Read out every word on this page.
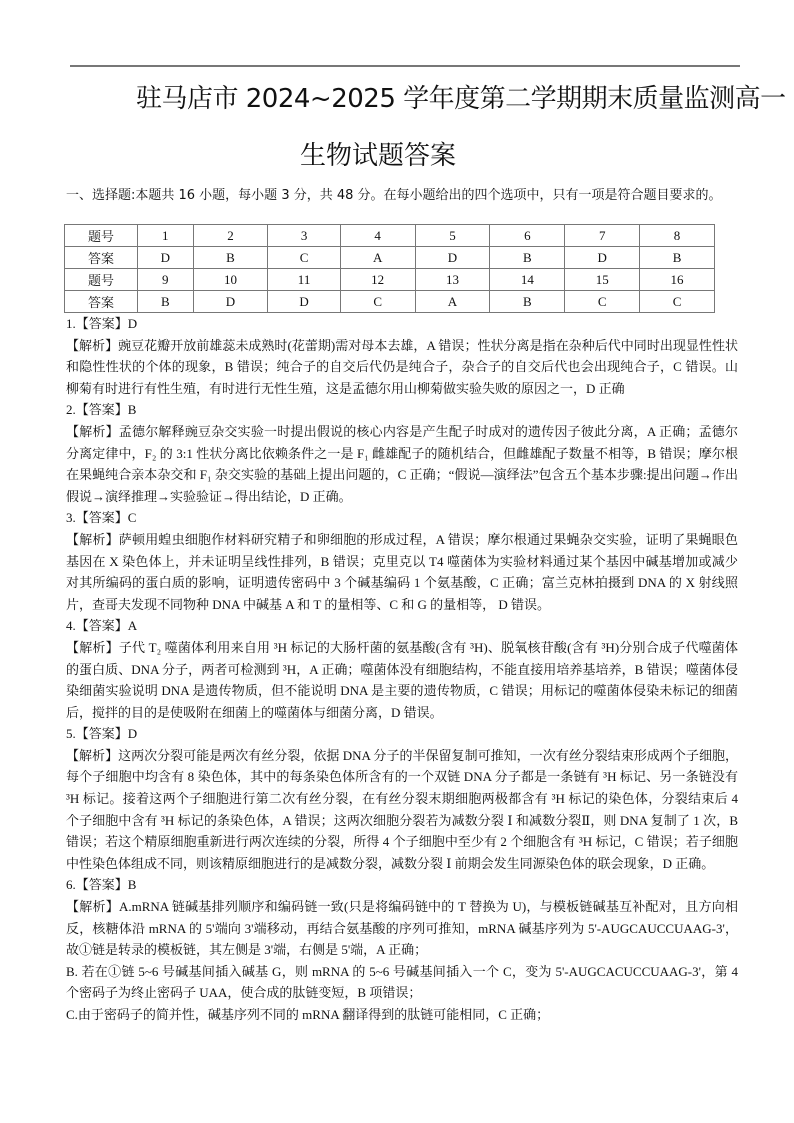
驻马店市 2024~2025 学年度第二学期期末质量监测高一
生物试题答案
一、选择题:本题共 16 小题，每小题 3 分，共 48 分。在每小题给出的四个选项中，只有一项是符合题目要求的。
题号	1	2	3	4	5	6	7	8
答案	D	B	C	A	D	B	D	B
题号	9	10	11	12	13	14	15	16
答案	B	D	D	C	A	B	C	C

1.【答案】D

【解析】豌豆花瓣开放前雄蕊未成熟时(花蕾期)需对母本去雄，A 错误；性状分离是指在杂种后代中同时出现显性性状和隐性性状的个体的现象，B 错误；纯合子的自交后代仍是纯合子，杂合子的自交后代也会出现纯合子，C 错误。山柳菊有时进行有性生殖，有时进行无性生殖，这是孟德尔用山柳菊做实验失败的原因之一，D 正确

2.【答案】B

【解析】孟德尔解释豌豆杂交实验一时提出假说的核心内容是产生配子时成对的遗传因子彼此分离，A 正确；孟德尔分离定律中，F₂ 的 3:1 性状分离比依赖条件之一是 F₁ 雌雄配子的随机结合，但雌雄配子数量不相等，B 错误；摩尔根在果蝇纯合亲本杂交和 F₁ 杂交实验的基础上提出问题的，C 正确；“假说—演绎法”包含五个基本步骤:提出问题→作出假说→演绎推理→实验验证→得出结论，D 正确。

3.【答案】C

【解析】萨顿用蝗虫细胞作材料研究精子和卵细胞的形成过程，A 错误；摩尔根通过果蝇杂交实验，证明了果蝇眼色基因在 X 染色体上，并未证明呈线性排列，B 错误；克里克以 T4 噬菌体为实验材料通过某个基因中碱基增加或减少对其所编码的蛋白质的影响，证明遗传密码中 3 个碱基编码 1 个氨基酸，C 正确；富兰克林拍摄到 DNA 的 X 射线照片，查哥夫发现不同物种 DNA 中碱基 A 和 T 的量相等、C 和 G 的量相等， D 错误。

4.【答案】A

【解析】子代 T₂ 噬菌体利用来自用 ³H 标记的大肠杆菌的氨基酸(含有 ³H)、脱氧核苷酸(含有 ³H)分别合成子代噬菌体的蛋白质、DNA 分子，两者可检测到 ³H，A 正确；噬菌体没有细胞结构，不能直接用培养基培养，B 错误；噬菌体侵染细菌实验说明 DNA 是遗传物质，但不能说明 DNA 是主要的遗传物质，C 错误；用标记的噬菌体侵染未标记的细菌后，搅拌的目的是使吸附在细菌上的噬菌体与细菌分离，D 错误。

5.【答案】D

【解析】这两次分裂可能是两次有丝分裂，依据 DNA 分子的半保留复制可推知，一次有丝分裂结束形成两个子细胞，每个子细胞中均含有 8 染色体，其中的每条染色体所含有的一个双链 DNA 分子都是一条链有 ³H 标记、另一条链没有 ³H 标记。接着这两个子细胞进行第二次有丝分裂，在有丝分裂末期细胞两极都含有 ³H 标记的染色体，分裂结束后 4 个子细胞中含有 ³H 标记的条染色体，A 错误；这两次细胞分裂若为减数分裂 Ⅰ 和减数分裂Ⅱ，则 DNA 复制了 1 次，B 错误；若这个精原细胞重新进行两次连续的分裂，所得 4 个子细胞中至少有 2 个细胞含有 ³H 标记，C 错误；若子细胞中性染色体组成不同，则该精原细胞进行的是减数分裂，减数分裂 Ⅰ 前期会发生同源染色体的联会现象，D 正确。

6.【答案】B

【解析】A.mRNA 链碱基排列顺序和编码链一致(只是将编码链中的 T 替换为 U)，与模板链碱基互补配对，且方向相反，核糖体沿 mRNA 的 5'端向 3'端移动，再结合氨基酸的序列可推知，mRNA 碱基序列为 5'-AUGCAUCCUAAG-3'，故①链是转录的模板链，其左侧是 3'端，右侧是 5'端，A 正确；

B. 若在①链 5~6 号碱基间插入碱基 G，则 mRNA 的 5~6 号碱基间插入一个 C，变为 5'-AUGCACUCCUAAG-3'，第 4 个密码子为终止密码子 UAA，使合成的肽链变短，B 项错误；

C.由于密码子的简并性，碱基序列不同的 mRNA 翻译得到的肽链可能相同，C 正确；
